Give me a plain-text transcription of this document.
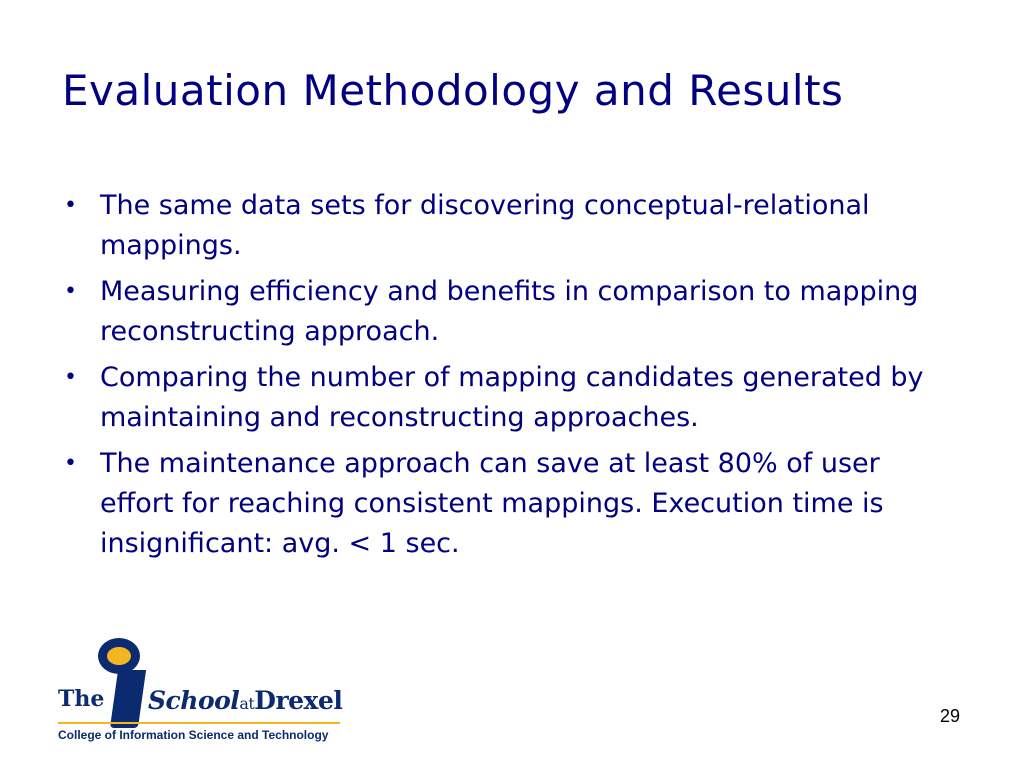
Evaluation Methodology and Results
• The same data sets for discovering conceptual-relational mappings.
• Measuring efficiency and benefits in comparison to mapping reconstructing approach.
• Comparing the number of mapping candidates generated by maintaining and reconstructing approaches.
• The maintenance approach can save at least 80% of user effort for reaching consistent mappings. Execution time is insignificant: avg. < 1 sec.
The SchoolatDrexel
College of Information Science and Technology
29
